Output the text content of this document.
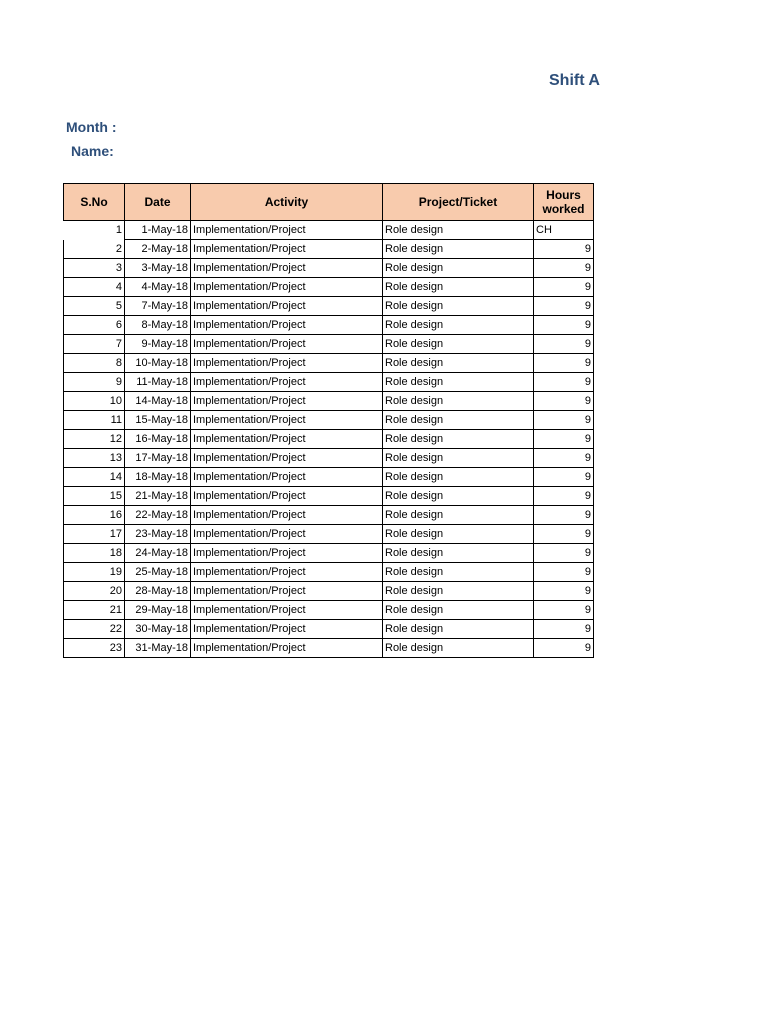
Shift A
Month :
Name:
S.No	Date	Activity	Project/Ticket	Hours worked
1	1-May-18	Implementation/Project	Role design	CH
2	2-May-18	Implementation/Project	Role design	9
3	3-May-18	Implementation/Project	Role design	9
4	4-May-18	Implementation/Project	Role design	9
5	7-May-18	Implementation/Project	Role design	9
6	8-May-18	Implementation/Project	Role design	9
7	9-May-18	Implementation/Project	Role design	9
8	10-May-18	Implementation/Project	Role design	9
9	11-May-18	Implementation/Project	Role design	9
10	14-May-18	Implementation/Project	Role design	9
11	15-May-18	Implementation/Project	Role design	9
12	16-May-18	Implementation/Project	Role design	9
13	17-May-18	Implementation/Project	Role design	9
14	18-May-18	Implementation/Project	Role design	9
15	21-May-18	Implementation/Project	Role design	9
16	22-May-18	Implementation/Project	Role design	9
17	23-May-18	Implementation/Project	Role design	9
18	24-May-18	Implementation/Project	Role design	9
19	25-May-18	Implementation/Project	Role design	9
20	28-May-18	Implementation/Project	Role design	9
21	29-May-18	Implementation/Project	Role design	9
22	30-May-18	Implementation/Project	Role design	9
23	31-May-18	Implementation/Project	Role design	9
